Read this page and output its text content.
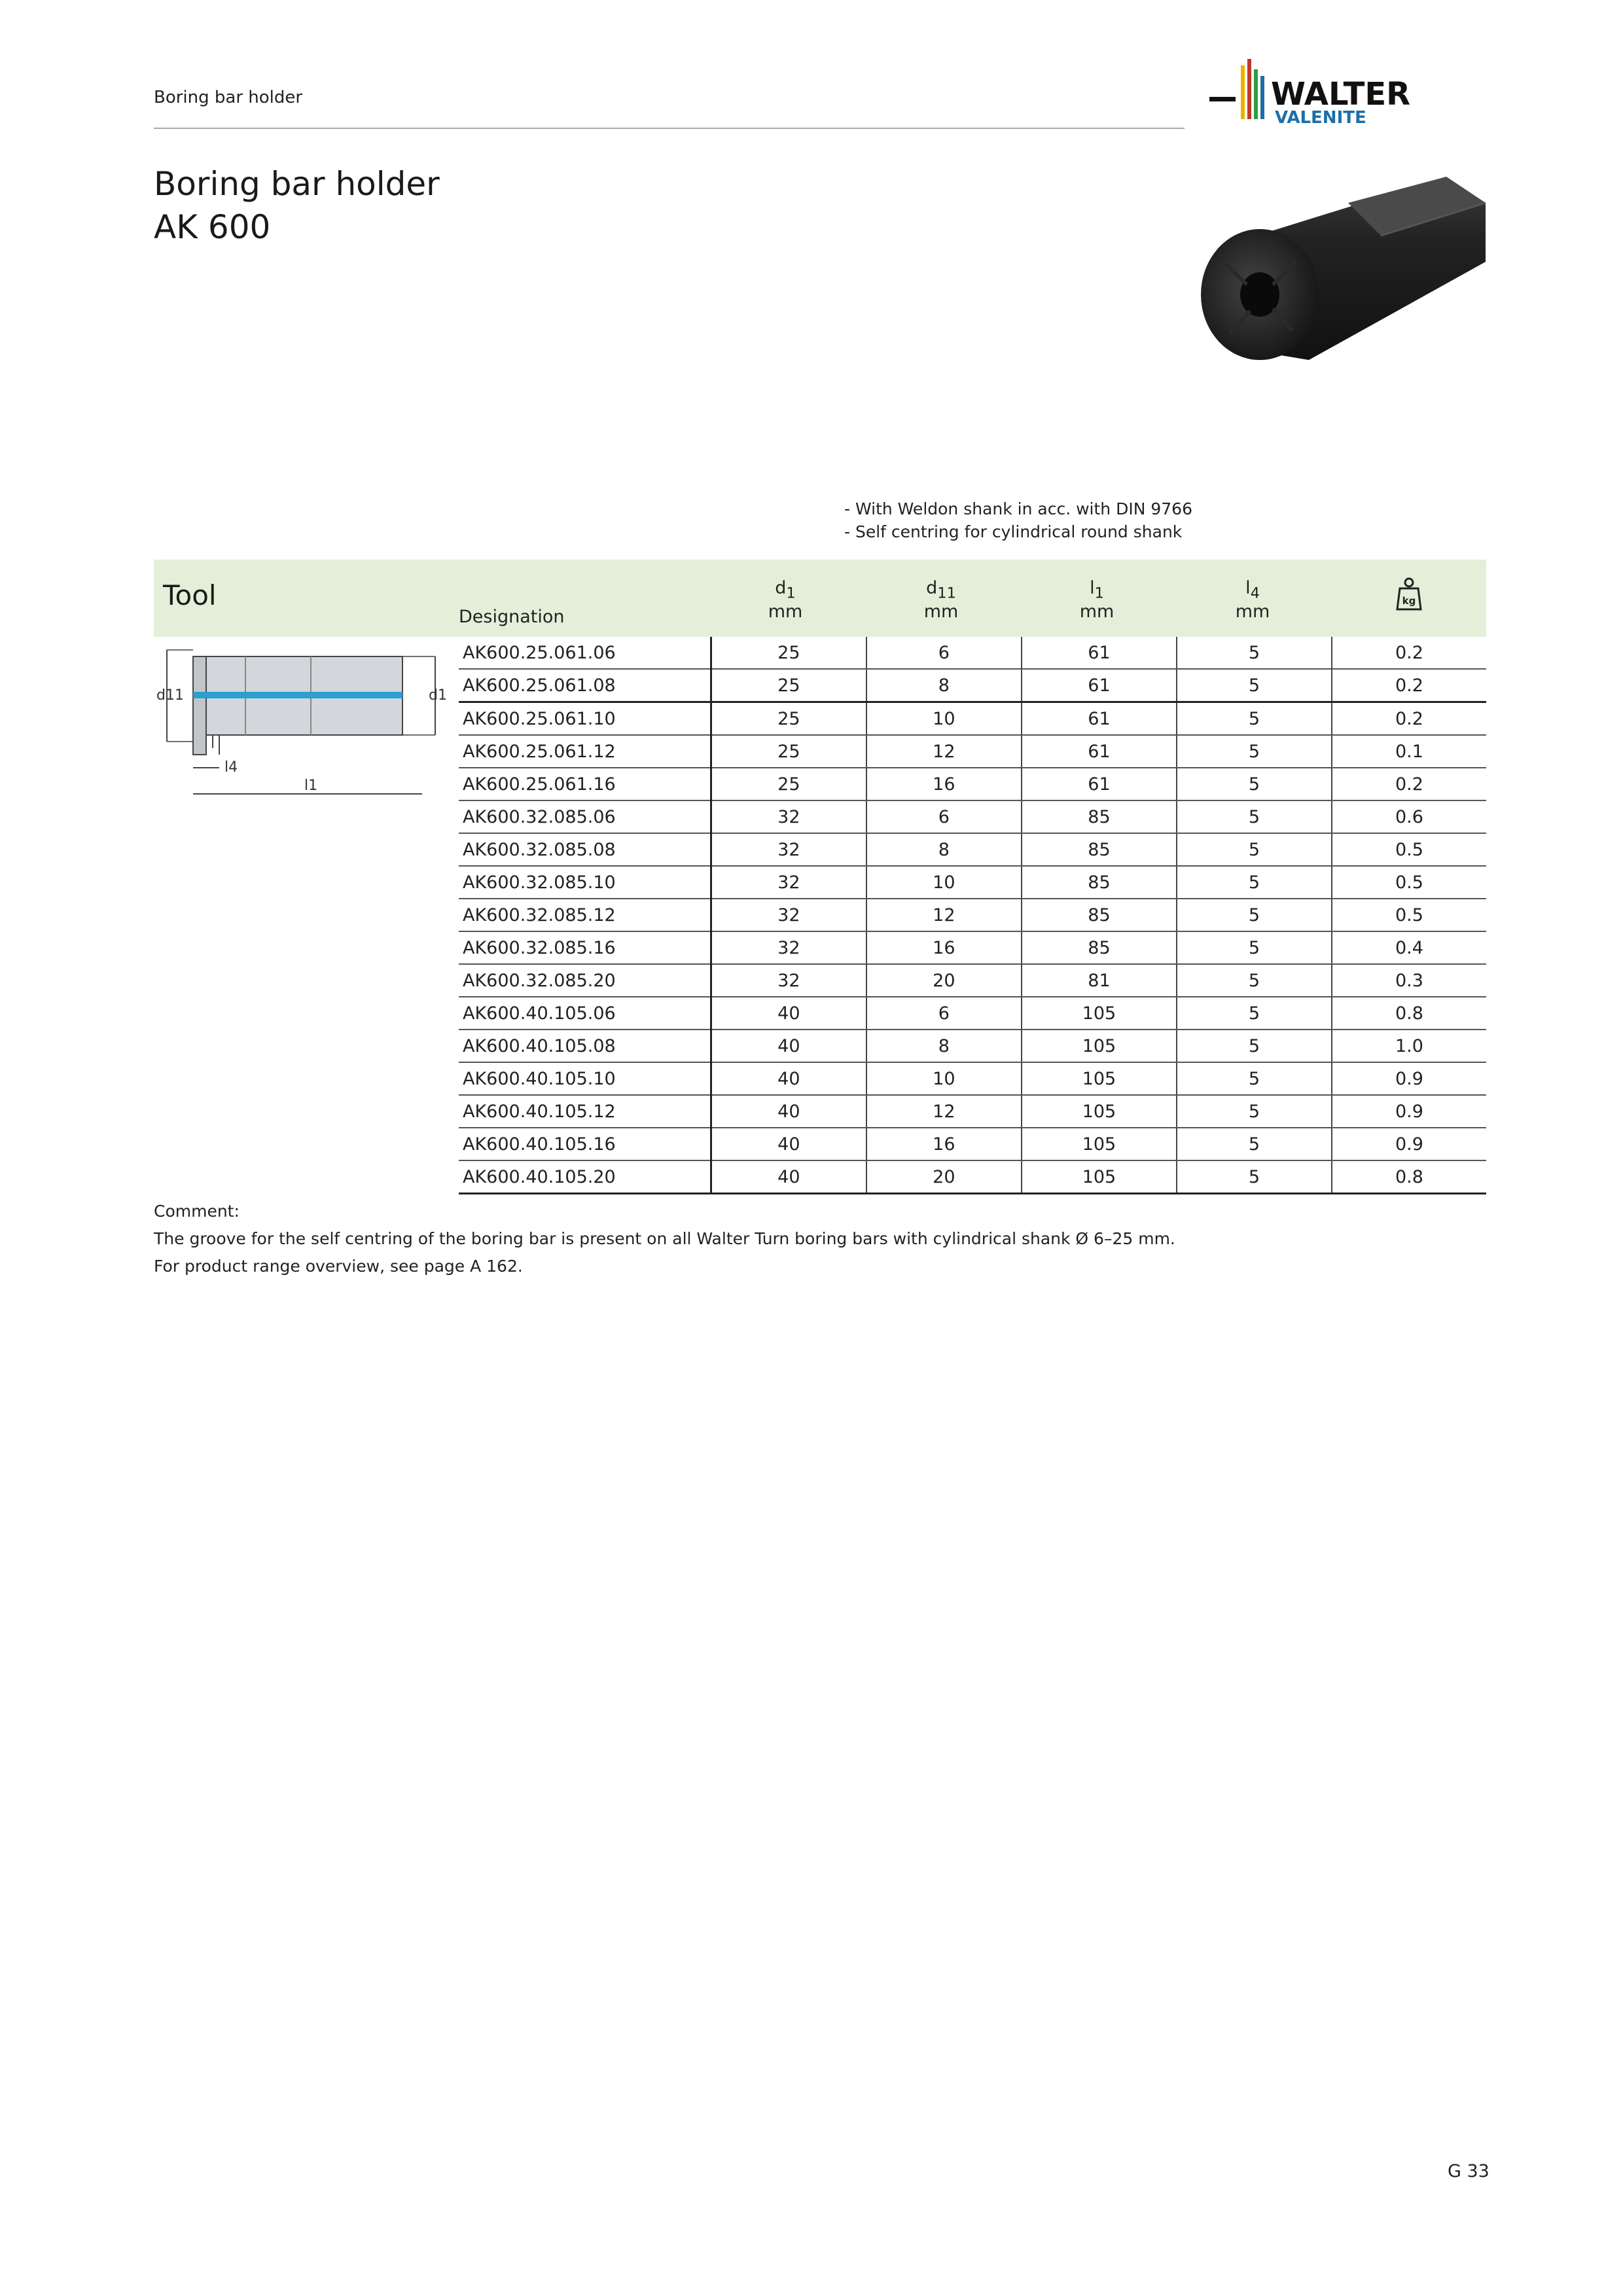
Boring bar holder	WALTER
VALENITE
Boring bar holder
AK 600
- With Weldon shank in acc. with DIN 9766
- Self centring for cylindrical round shank
Tool
Designation
$d_1$
mm
$d_{11}$
mm
$l_1$
mm
$l_4$
mm
kg
d11	d1
l4
l1
AK600.25.061.06	25	6	61	5	0.2
AK600.25.061.08	25	8	61	5	0.2
AK600.25.061.10	25	10	61	5	0.2
AK600.25.061.12	25	12	61	5	0.1
AK600.25.061.16	25	16	61	5	0.2
AK600.32.085.06	32	6	85	5	0.6
AK600.32.085.08	32	8	85	5	0.5
AK600.32.085.10	32	10	85	5	0.5
AK600.32.085.12	32	12	85	5	0.5
AK600.32.085.16	32	16	85	5	0.4
AK600.32.085.20	32	20	81	5	0.3
AK600.40.105.06	40	6	105	5	0.8
AK600.40.105.08	40	8	105	5	1.0
AK600.40.105.10	40	10	105	5	0.9
AK600.40.105.12	40	12	105	5	0.9
AK600.40.105.16	40	16	105	5	0.9
AK600.40.105.20	40	20	105	5	0.8
Comment:
The groove for the self centring of the boring bar is present on all Walter Turn boring bars with cylindrical shank Ø 6–25 mm.
For product range overview, see page A 162.
G 33
